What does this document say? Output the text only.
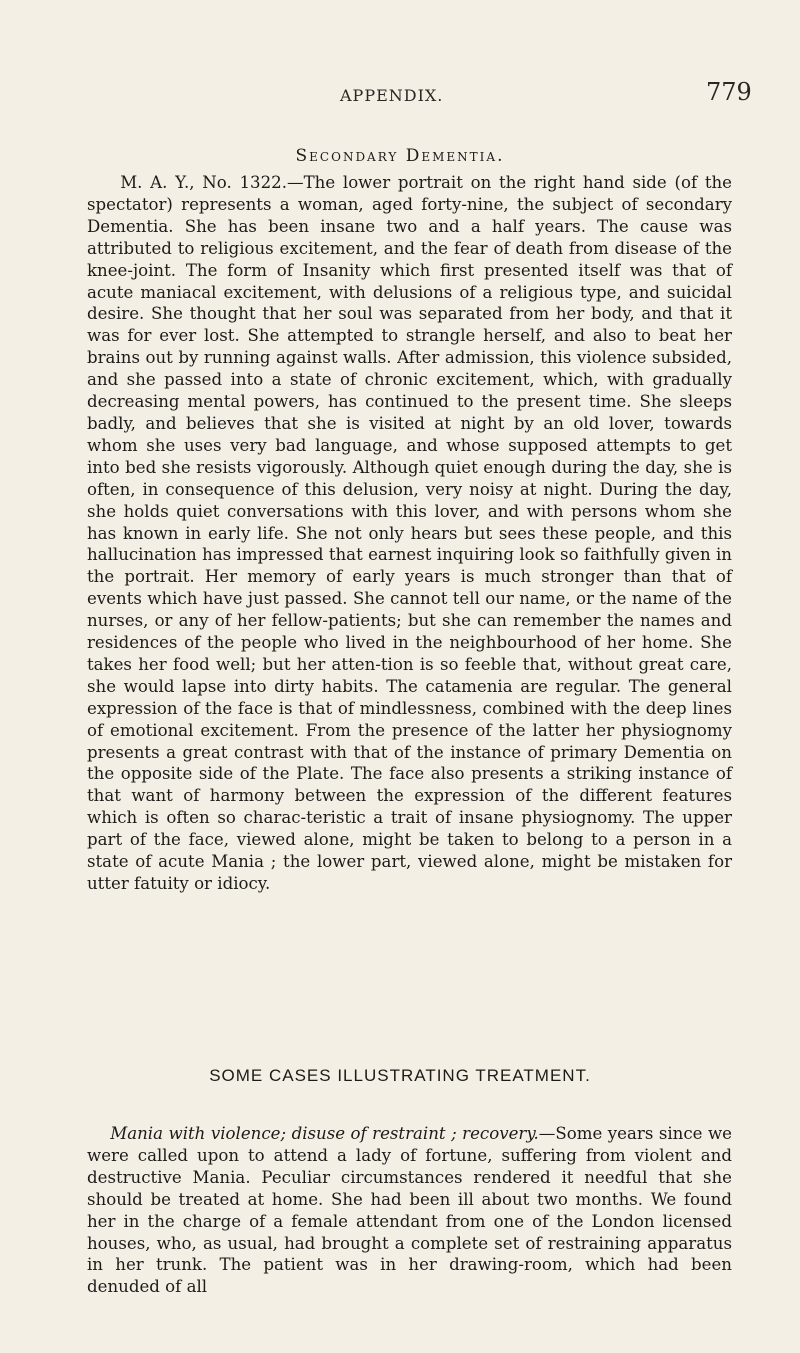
APPENDIX.	779
Secondary Dementia.

M. A. Y., No. 1322.—The lower portrait on the right hand side (of the spectator) represents a woman, aged forty-nine, the subject of secondary Dementia. She has been insane two and a half years. The cause was attributed to religious excitement, and the fear of death from disease of the knee-joint. The form of Insanity which first presented itself was that of acute maniacal excitement, with delusions of a religious type, and suicidal desire. She thought that her soul was separated from her body, and that it was for ever lost. She attempted to strangle herself, and also to beat her brains out by running against walls. After admission, this violence subsided, and she passed into a state of chronic excitement, which, with gradually decreasing mental powers, has continued to the present time. She sleeps badly, and believes that she is visited at night by an old lover, towards whom she uses very bad language, and whose supposed attempts to get into bed she resists vigorously. Although quiet enough during the day, she is often, in consequence of this delusion, very noisy at night. During the day, she holds quiet conversations with this lover, and with persons whom she has known in early life. She not only hears but sees these people, and this hallucination has impressed that earnest inquiring look so faithfully given in the portrait. Her memory of early years is much stronger than that of events which have just passed. She cannot tell our name, or the name of the nurses, or any of her fellow-patients; but she can remember the names and residences of the people who lived in the neighbourhood of her home. She takes her food well; but her atten-tion is so feeble that, without great care, she would lapse into dirty habits. The catamenia are regular. The general expression of the face is that of mindlessness, combined with the deep lines of emotional excitement. From the presence of the latter her physiognomy presents a great contrast with that of the instance of primary Dementia on the opposite side of the Plate. The face also presents a striking instance of that want of harmony between the expression of the different features which is often so charac-teristic a trait of insane physiognomy. The upper part of the face, viewed alone, might be taken to belong to a person in a state of acute Mania ; the lower part, viewed alone, might be mistaken for utter fatuity or idiocy.

SOME CASES ILLUSTRATING TREATMENT.

Mania with violence; disuse of restraint ; recovery.—Some years since we were called upon to attend a lady of fortune, suffering from violent and destructive Mania. Peculiar circumstances rendered it needful that she should be treated at home. She had been ill about two months. We found her in the charge of a female attendant from one of the London licensed houses, who, as usual, had brought a complete set of restraining apparatus in her trunk. The patient was in her drawing-room, which had been denuded of all
